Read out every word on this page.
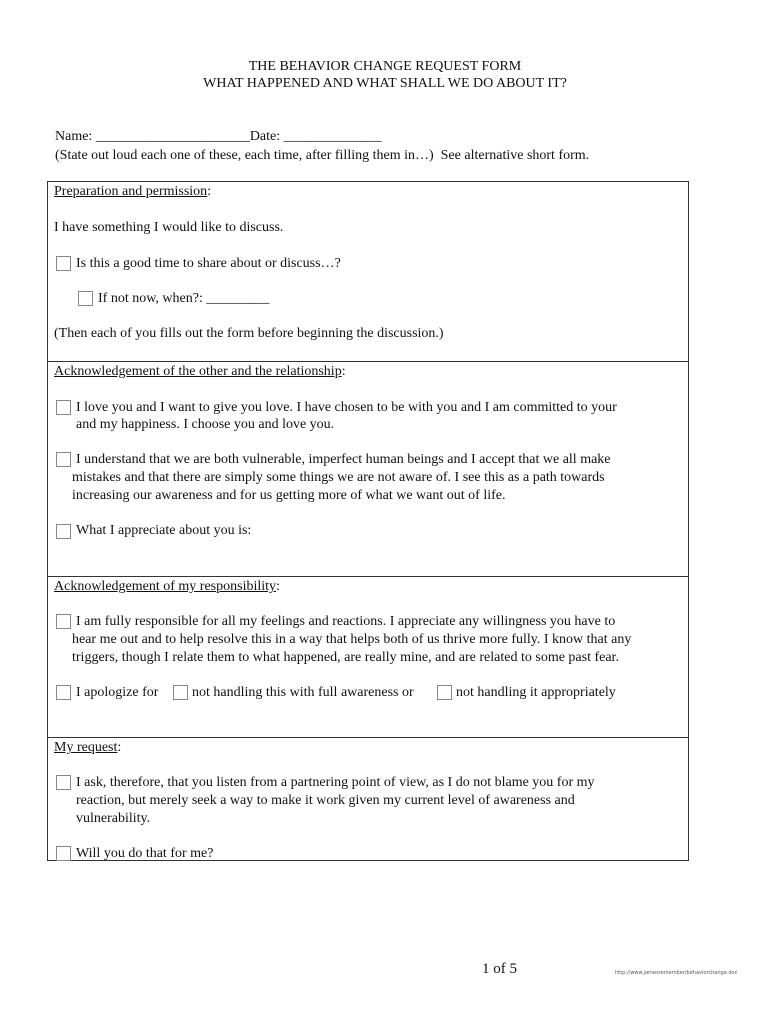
THE BEHAVIOR CHANGE REQUEST FORM
WHAT HAPPENED AND WHAT SHALL WE DO ABOUT IT?
Name: ______________________Date: ______________
(State out loud each one of these, each time, after filling them in…)  See alternative short form.
Preparation and permission:
I have something I would like to discuss.
Is this a good time to share about or discuss…?
If not now, when?: _________
(Then each of you fills out the form before beginning the discussion.)
Acknowledgement of the other and the relationship:
I love you and I want to give you love. I have chosen to be with you and I am committed to your
and my happiness. I choose you and love you.
I understand that we are both vulnerable, imperfect human beings and I accept that we all make
mistakes and that there are simply some things we are not aware of. I see this as a path towards
increasing our awareness and for us getting more of what we want out of life.
What I appreciate about you is:
Acknowledgement of my responsibility:
I am fully responsible for all my feelings and reactions. I appreciate any willingness you have to
hear me out and to help resolve this in a way that helps both of us thrive more fully. I know that any
triggers, though I relate them to what happened, are really mine, and are related to some past fear.
I apologize for not handling this with full awareness or	not handling it appropriately
My request:
I ask, therefore, that you listen from a partnering point of view, as I do not blame you for my
reaction, but merely seek a way to make it work given my current level of awareness and
vulnerability.
Will you do that for me?
1 of 5	http://www.jamesremember/behaviorchange.doc
